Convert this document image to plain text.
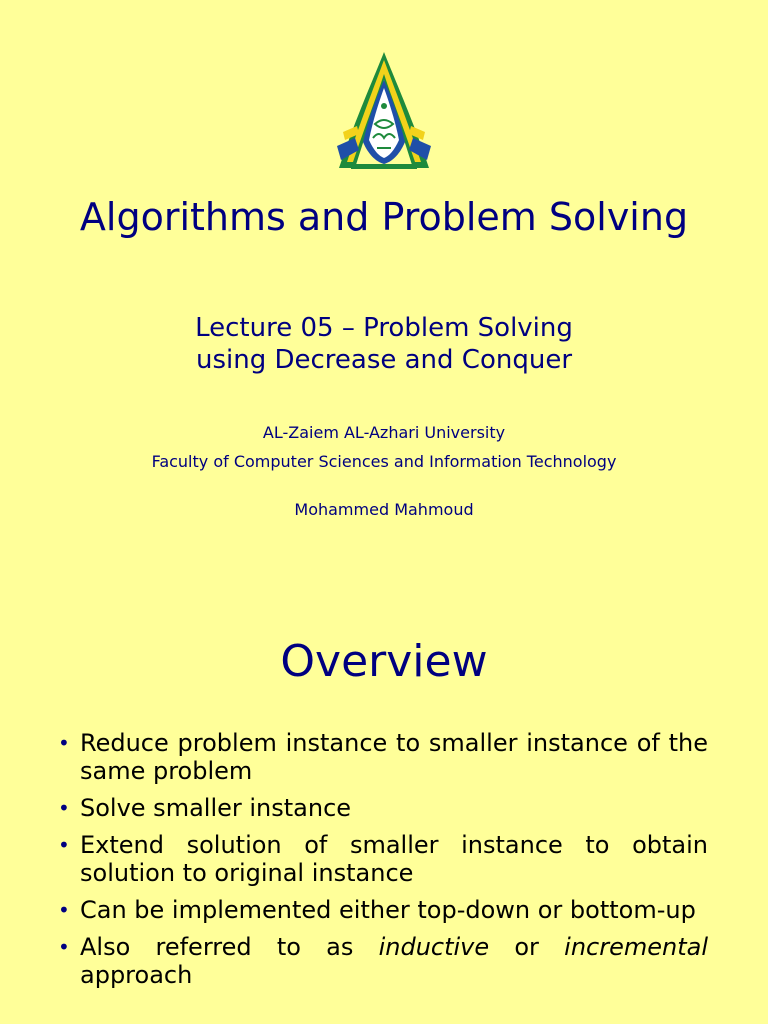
Algorithms and Problem Solving
Lecture 05 – Problem Solving
using Decrease and Conquer
AL-Zaiem AL-Azhari University
Faculty of Computer Sciences and Information Technology
Mohammed Mahmoud
Overview
• Reduce problem instance to smaller instance of the same problem
• Solve smaller instance
• Extend solution of smaller instance to obtain solution to original instance
• Can be implemented either top-down or bottom-up
• Also referred to as inductive or incremental approach
